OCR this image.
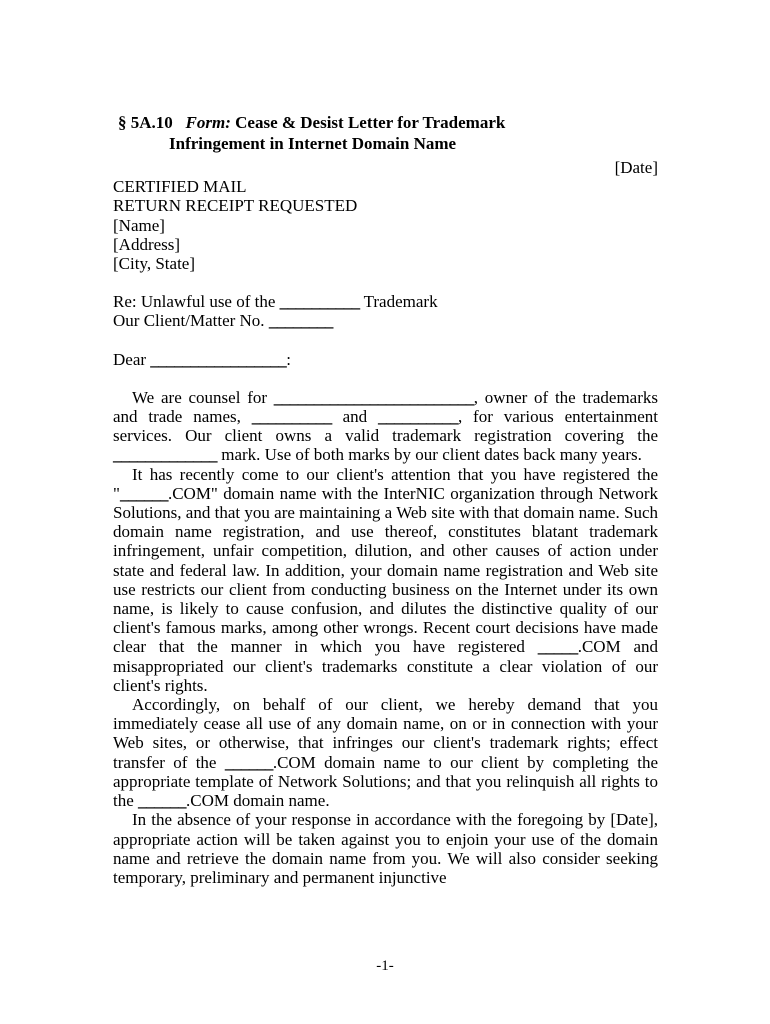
§ 5A.10 Form: Cease & Desist Letter for Trademark
Infringement in Internet Domain Name
[Date]
CERTIFIED MAIL
RETURN RECEIPT REQUESTED
[Name]
[Address]
[City, State]
Re: Unlawful use of the __________ Trademark
Our Client/Matter No. ________
Dear _________________:

We are counsel for _________________________, owner of the trademarks and trade names, __________ and __________, for various entertainment services. Our client owns a valid trademark registration covering the _____________ mark. Use of both marks by our client dates back many years.

It has recently come to our client's attention that you have registered the "______.COM" domain name with the InterNIC organization through Network Solutions, and that you are maintaining a Web site with that domain name. Such domain name registration, and use thereof, constitutes blatant trademark infringement, unfair competition, dilution, and other causes of action under state and federal law. In addition, your domain name registration and Web site use restricts our client from conducting business on the Internet under its own name, is likely to cause confusion, and dilutes the distinctive quality of our client's famous marks, among other wrongs. Recent court decisions have made clear that the manner in which you have registered _____.COM and misappropriated our client's trademarks constitute a clear violation of our client's rights.

Accordingly, on behalf of our client, we hereby demand that you immediately cease all use of any domain name, on or in connection with your Web sites, or otherwise, that infringes our client's trademark rights; effect transfer of the ______.COM domain name to our client by completing the appropriate template of Network Solutions; and that you relinquish all rights to the ______.COM domain name.

In the absence of your response in accordance with the foregoing by [Date], appropriate action will be taken against you to enjoin your use of the domain name and retrieve the domain name from you. We will also consider seeking temporary, preliminary and permanent injunctive

-1-
